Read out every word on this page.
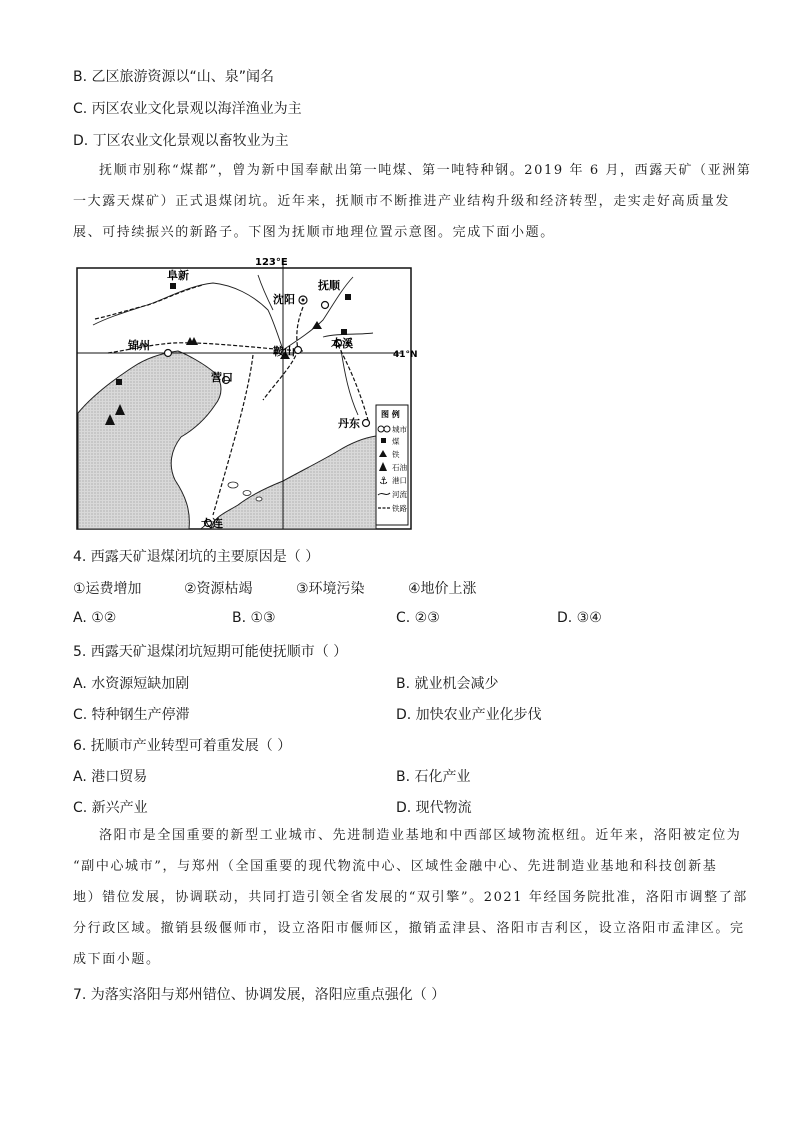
B. 乙区旅游资源以“山、泉”闻名
C. 丙区农业文化景观以海洋渔业为主
D. 丁区农业文化景观以畜牧业为主
抚顺市别称“煤都”，曾为新中国奉献出第一吨煤、第一吨特种钢。2019 年 6 月，西露天矿（亚洲第
一大露天煤矿）正式退煤闭坑。近年来，抚顺市不断推进产业结构升级和经济转型，走实走好高质量发
展、可持续振兴的新路子。下图为抚顺市地理位置示意图。完成下面小题。
123°E
41°N
阜新
抚顺
沈阳
锦州	鞍山
本溪
营口
丹东
大连
图 例
城市
煤
铁
石油
⚓ 港口
河流
铁路
4. 西露天矿退煤闭坑的主要原因是（ ）
①运费增加	②资源枯竭	③环境污染	④地价上涨
A. ①②	B. ①③	C. ②③	D. ③④
5. 西露天矿退煤闭坑短期可能使抚顺市（ ）
A. 水资源短缺加剧	B. 就业机会减少
C. 特种钢生产停滞	D. 加快农业产业化步伐
6. 抚顺市产业转型可着重发展（ ）
A. 港口贸易	B. 石化产业
C. 新兴产业	D. 现代物流
洛阳市是全国重要的新型工业城市、先进制造业基地和中西部区域物流枢纽。近年来，洛阳被定位为
“副中心城市”，与郑州（全国重要的现代物流中心、区域性金融中心、先进制造业基地和科技创新基
地）错位发展，协调联动，共同打造引领全省发展的“双引擎”。2021 年经国务院批准，洛阳市调整了部
分行政区域。撤销县级偃师市，设立洛阳市偃师区，撤销孟津县、洛阳市吉利区，设立洛阳市孟津区。完
成下面小题。
7. 为落实洛阳与郑州错位、协调发展，洛阳应重点强化（ ）
